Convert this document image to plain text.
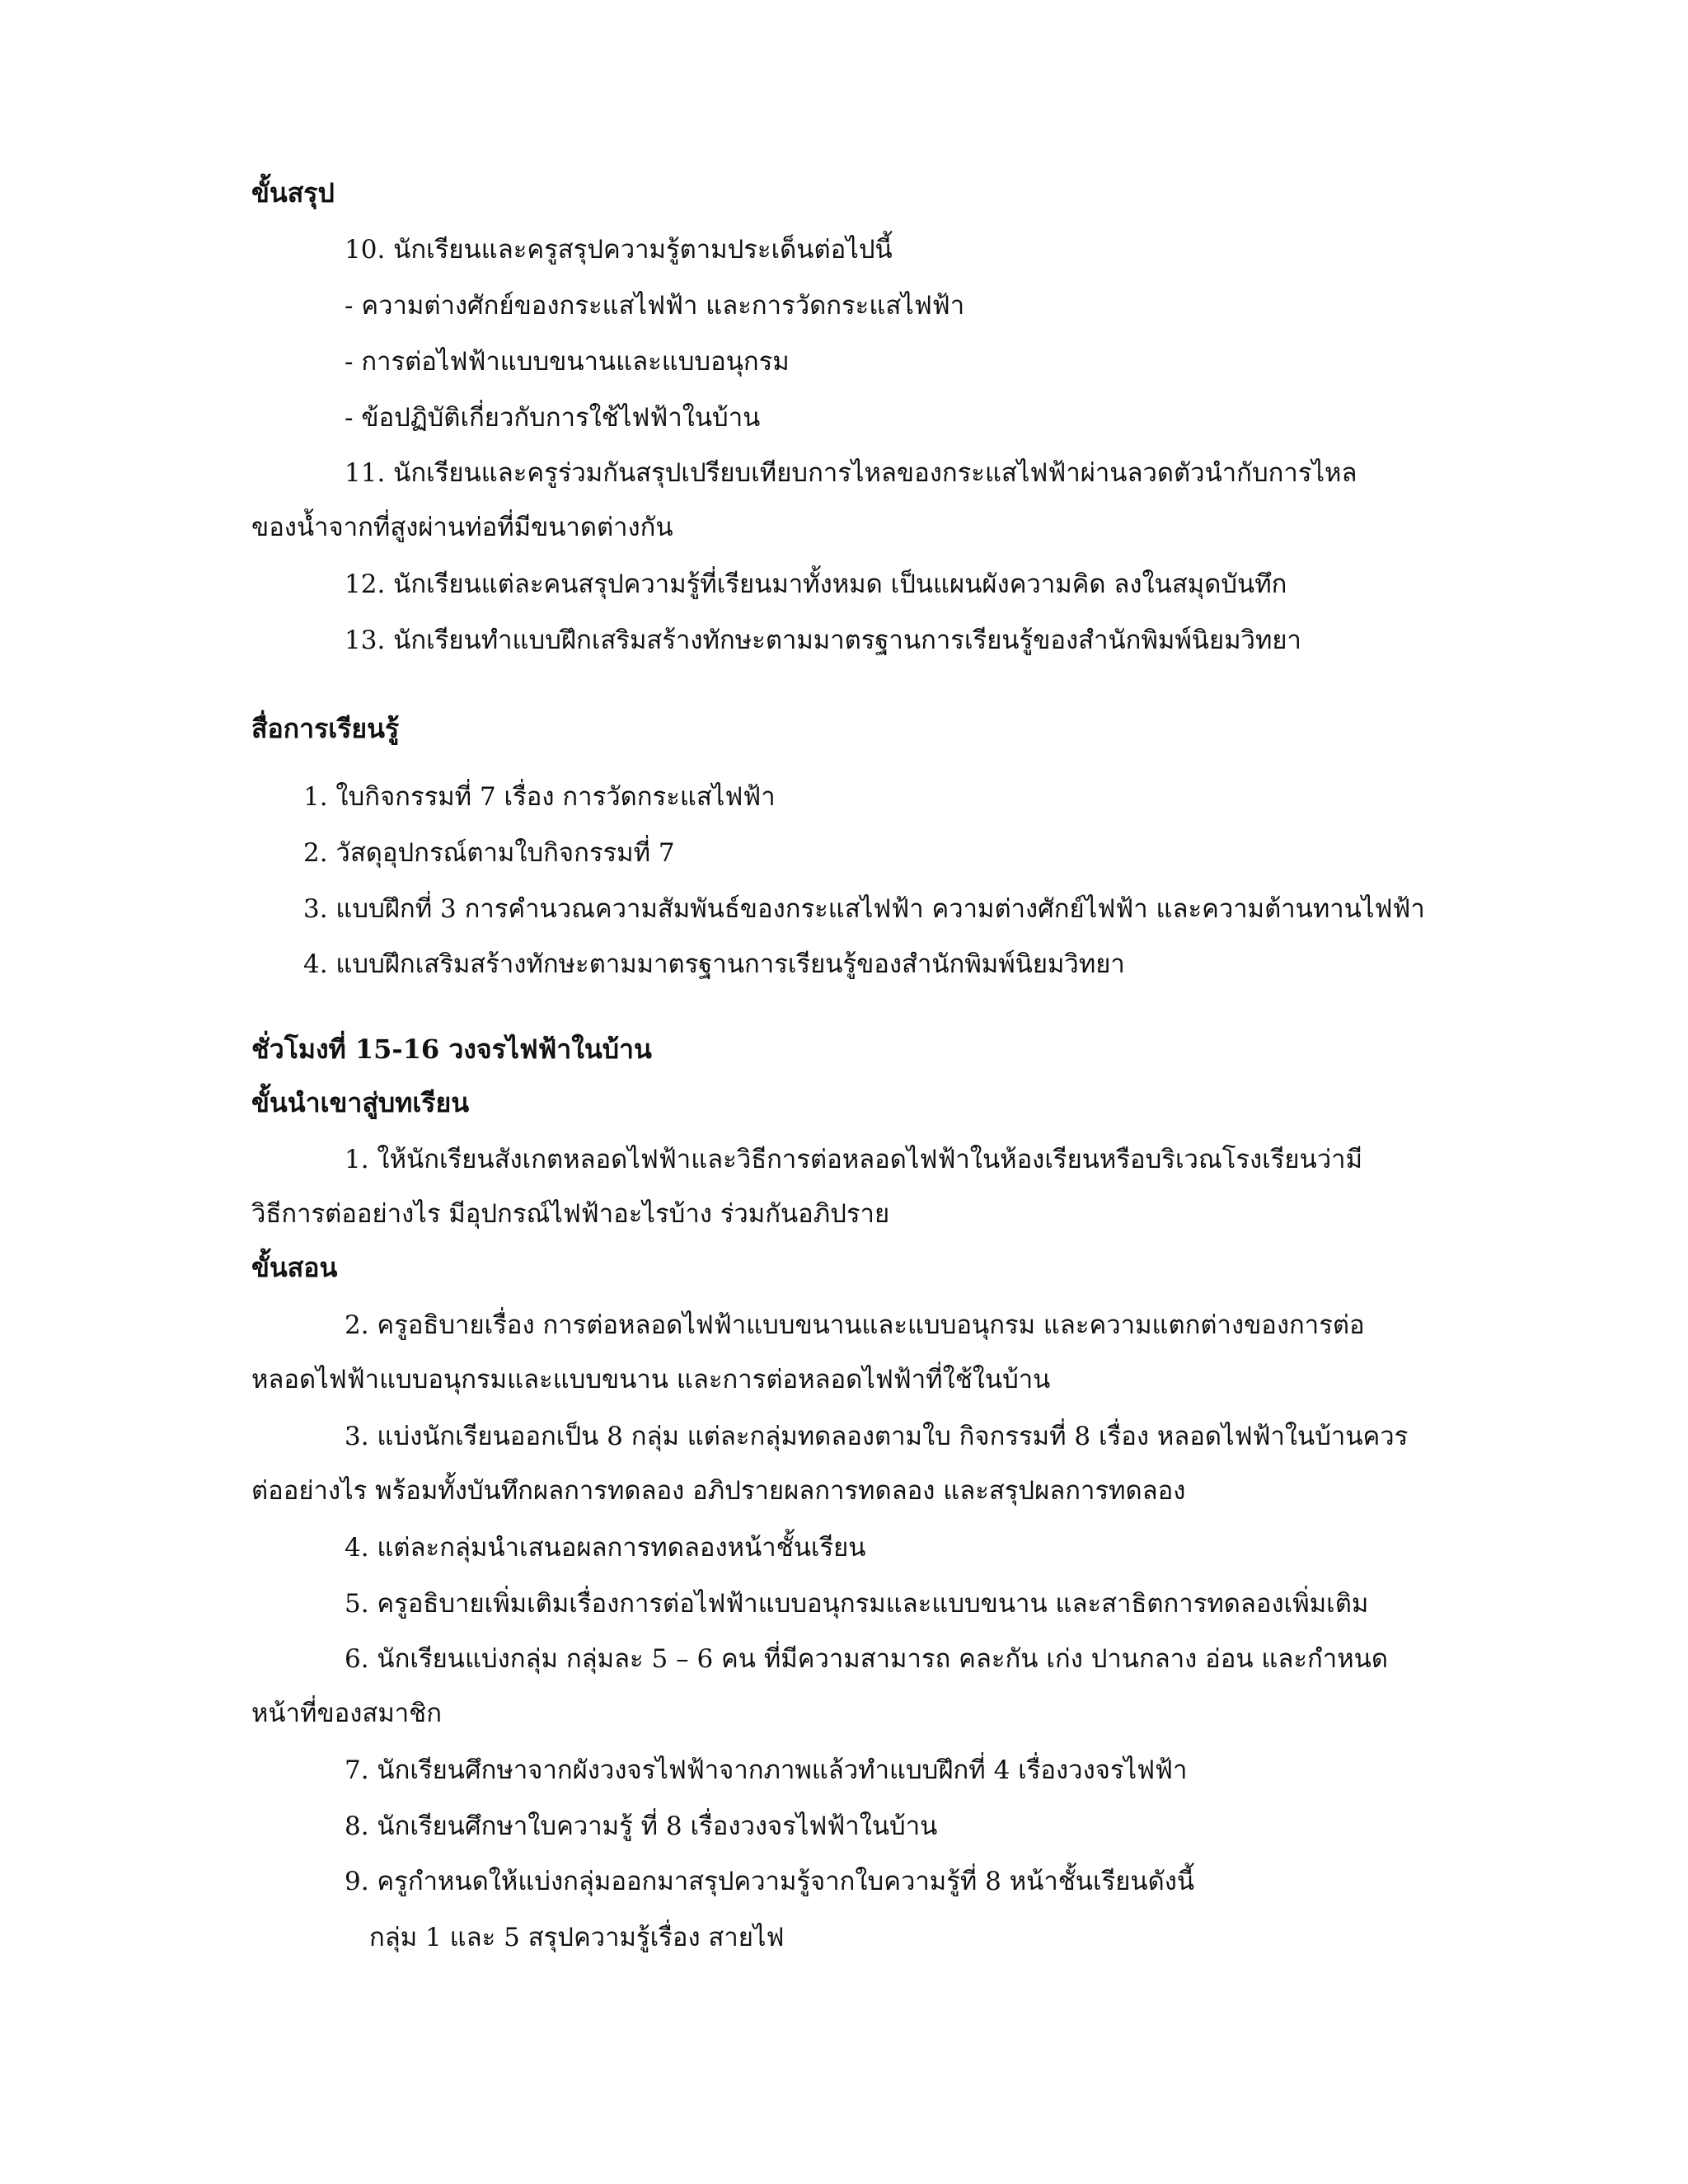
ขั้นสรุป
10. นักเรียนและครูสรุปความรู้ตามประเด็นต่อไปนี้
- ความต่างศักย์ของกระแสไฟฟ้า และการวัดกระแสไฟฟ้า
- การต่อไฟฟ้าแบบขนานและแบบอนุกรม
- ข้อปฏิบัติเกี่ยวกับการใช้ไฟฟ้าในบ้าน
11. นักเรียนและครูร่วมกันสรุปเปรียบเทียบการไหลของกระแสไฟฟ้าผ่านลวดตัวนำกับการไหล
ของน้ำจากที่สูงผ่านท่อที่มีขนาดต่างกัน
12. นักเรียนแต่ละคนสรุปความรู้ที่เรียนมาทั้งหมด เป็นแผนผังความคิด ลงในสมุดบันทึก
13. นักเรียนทำแบบฝึกเสริมสร้างทักษะตามมาตรฐานการเรียนรู้ของสำนักพิมพ์นิยมวิทยา
สื่อการเรียนรู้
1. ใบกิจกรรมที่ 7 เรื่อง การวัดกระแสไฟฟ้า
2. วัสดุอุปกรณ์ตามใบกิจกรรมที่ 7
3. แบบฝึกที่ 3 การคำนวณความสัมพันธ์ของกระแสไฟฟ้า ความต่างศักย์ไฟฟ้า และความต้านทานไฟฟ้า
4. แบบฝึกเสริมสร้างทักษะตามมาตรฐานการเรียนรู้ของสำนักพิมพ์นิยมวิทยา
ชั่วโมงที่ 15-16 วงจรไฟฟ้าในบ้าน
ขั้นนำเขาสู่บทเรียน
1. ให้นักเรียนสังเกตหลอดไฟฟ้าและวิธีการต่อหลอดไฟฟ้าในห้องเรียนหรือบริเวณโรงเรียนว่ามี
วิธีการต่ออย่างไร มีอุปกรณ์ไฟฟ้าอะไรบ้าง ร่วมกันอภิปราย
ขั้นสอน
2. ครูอธิบายเรื่อง การต่อหลอดไฟฟ้าแบบขนานและแบบอนุกรม และความแตกต่างของการต่อ
หลอดไฟฟ้าแบบอนุกรมและแบบขนาน และการต่อหลอดไฟฟ้าที่ใช้ในบ้าน
3. แบ่งนักเรียนออกเป็น 8 กลุ่ม แต่ละกลุ่มทดลองตามใบ กิจกรรมที่ 8 เรื่อง หลอดไฟฟ้าในบ้านควร
ต่ออย่างไร พร้อมทั้งบันทึกผลการทดลอง อภิปรายผลการทดลอง และสรุปผลการทดลอง
4. แต่ละกลุ่มนำเสนอผลการทดลองหน้าชั้นเรียน
5. ครูอธิบายเพิ่มเติมเรื่องการต่อไฟฟ้าแบบอนุกรมและแบบขนาน และสาธิตการทดลองเพิ่มเติม
6. นักเรียนแบ่งกลุ่ม กลุ่มละ 5 – 6 คน ที่มีความสามารถ คละกัน เก่ง ปานกลาง อ่อน และกำหนด
หน้าที่ของสมาชิก
7. นักเรียนศึกษาจากผังวงจรไฟฟ้าจากภาพแล้วทำแบบฝึกที่ 4 เรื่องวงจรไฟฟ้า
8. นักเรียนศึกษาใบความรู้ ที่ 8 เรื่องวงจรไฟฟ้าในบ้าน
9. ครูกำหนดให้แบ่งกลุ่มออกมาสรุปความรู้จากใบความรู้ที่ 8 หน้าชั้นเรียนดังนี้
กลุ่ม 1 และ 5 สรุปความรู้เรื่อง สายไฟ
